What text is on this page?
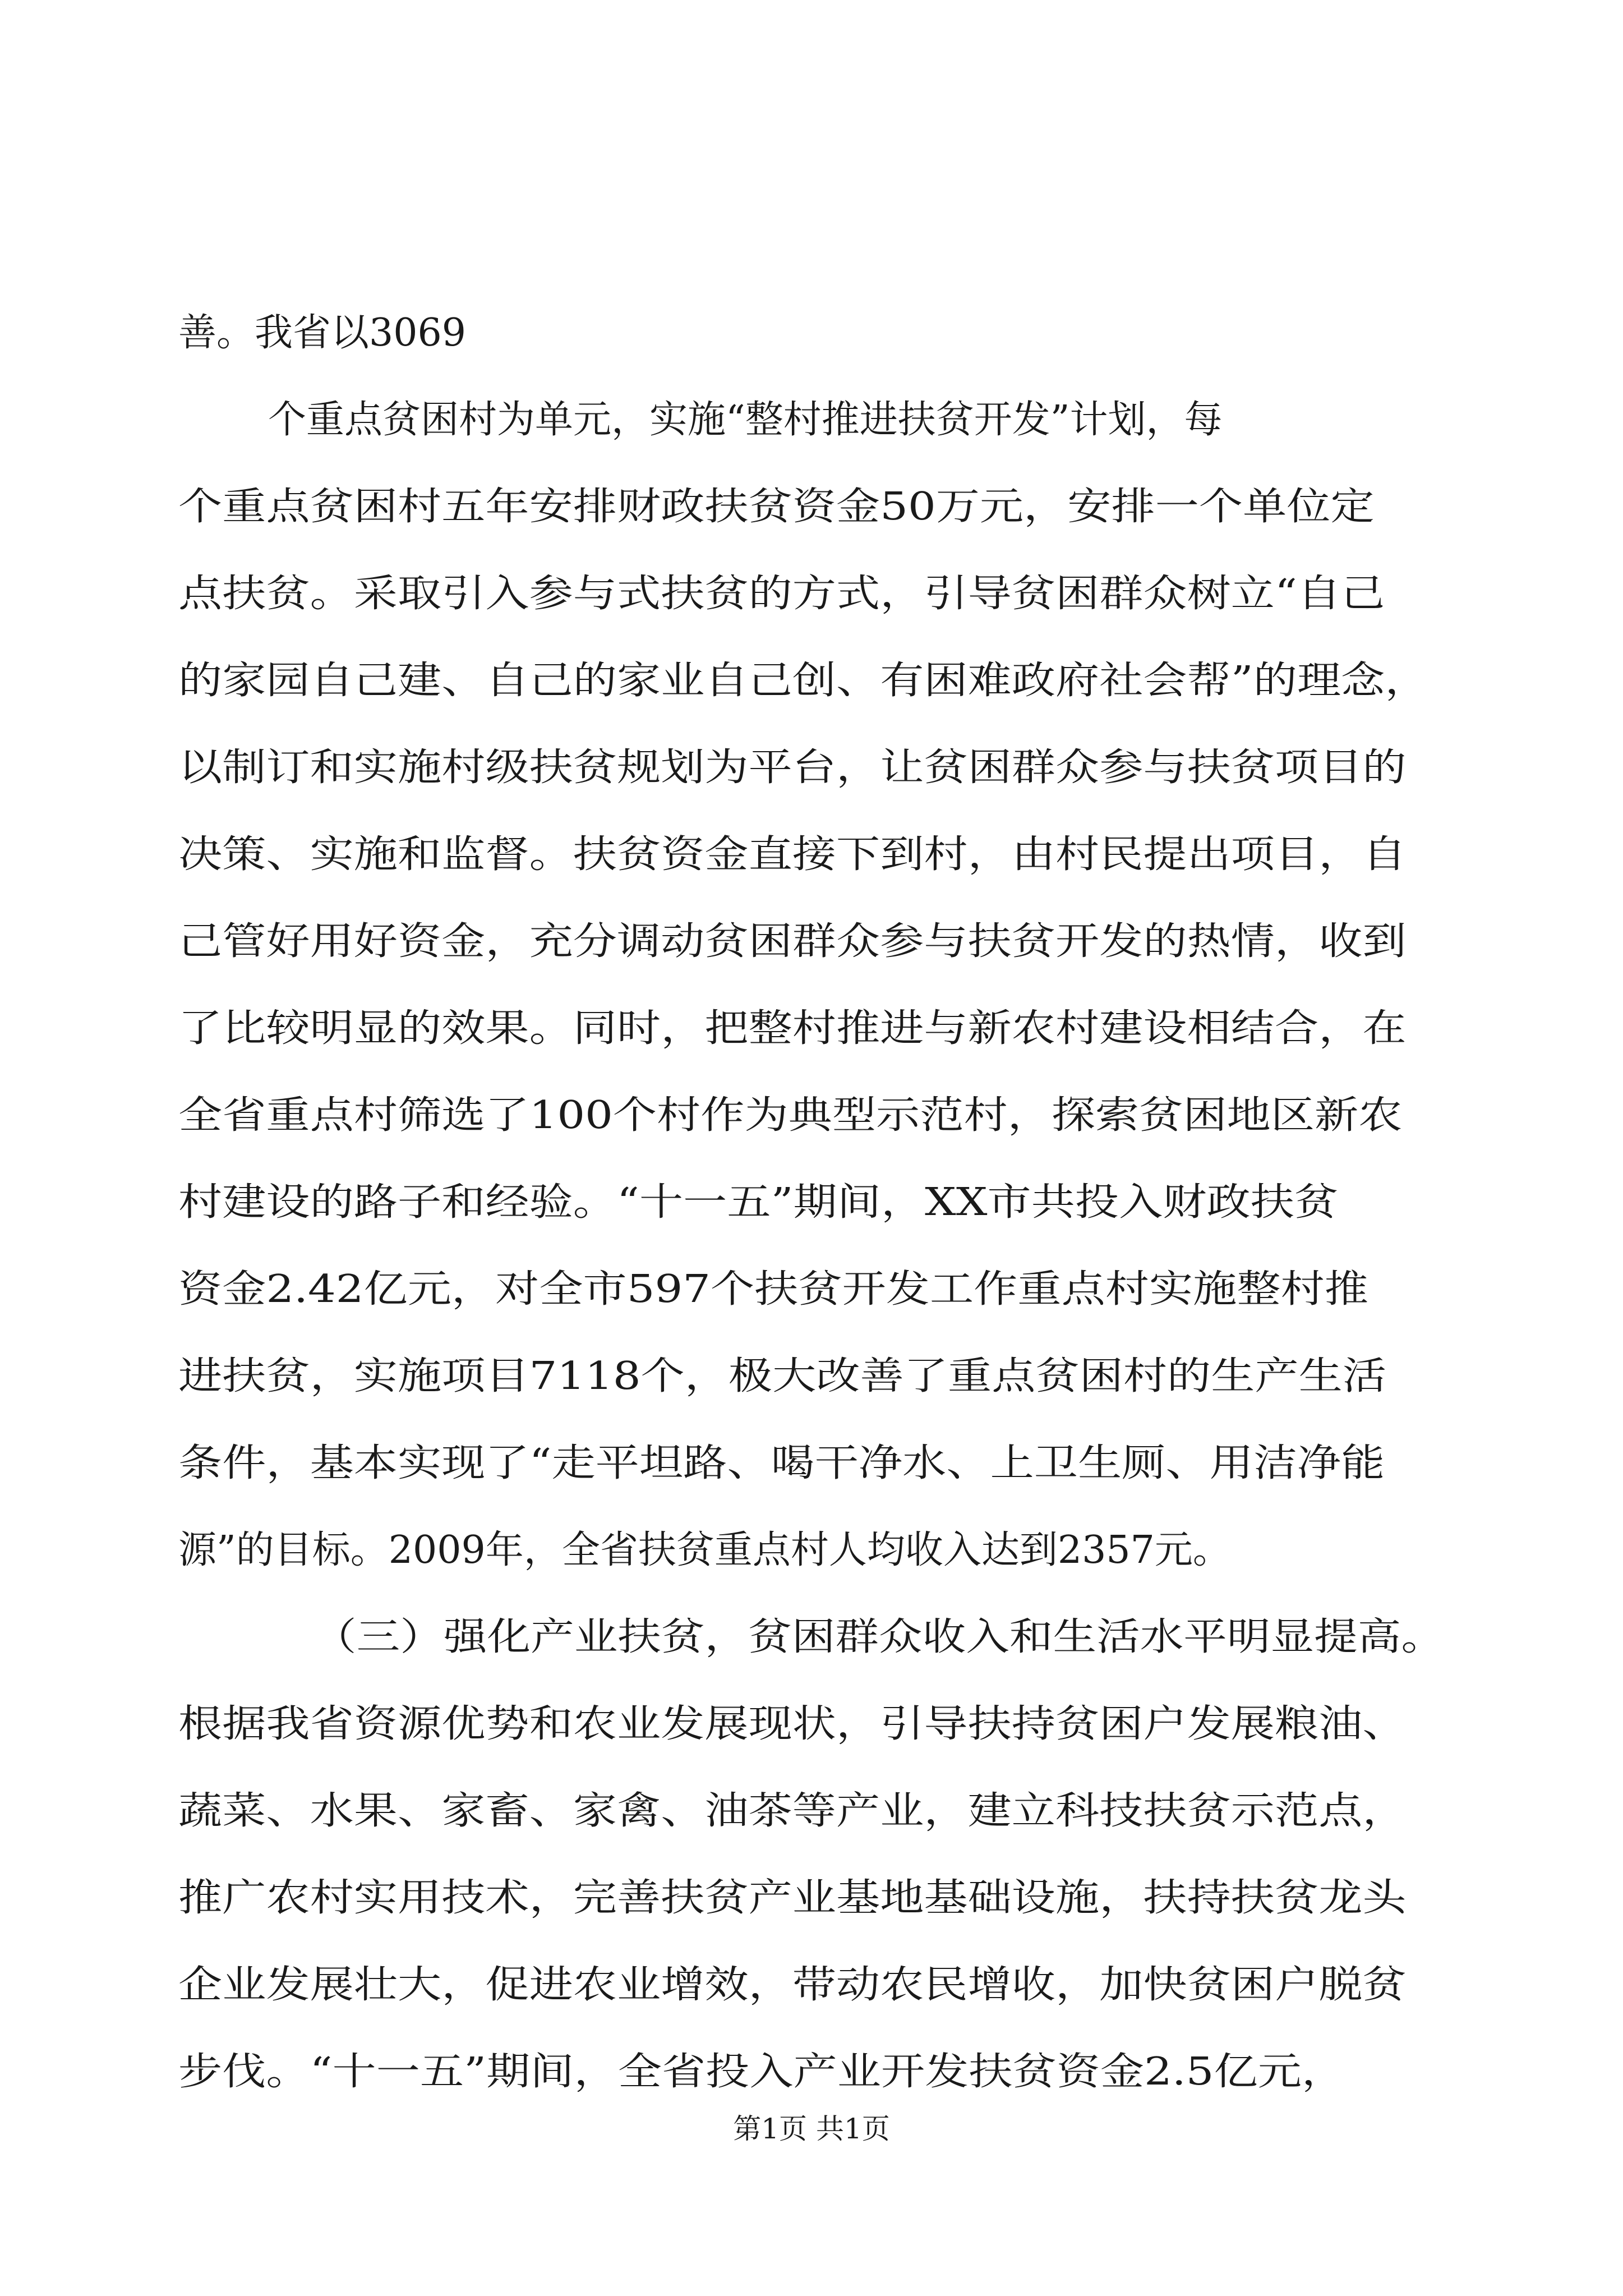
善。我省以3069
个重点贫困村为单元，实施“整村推进扶贫开发”计划，每
个重点贫困村五年安排财政扶贫资金50万元，安排一个单位定
点扶贫。采取引入参与式扶贫的方式，引导贫困群众树立“自己
的家园自己建、自己的家业自己创、有困难政府社会帮”的理念，
以制订和实施村级扶贫规划为平台，让贫困群众参与扶贫项目的
决策、实施和监督。扶贫资金直接下到村，由村民提出项目，自
己管好用好资金，充分调动贫困群众参与扶贫开发的热情，收到
了比较明显的效果。同时，把整村推进与新农村建设相结合，在
全省重点村筛选了100个村作为典型示范村，探索贫困地区新农
村建设的路子和经验。“十一五”期间，XX市共投入财政扶贫
资金2.42亿元，对全市597个扶贫开发工作重点村实施整村推
进扶贫，实施项目7118个，极大改善了重点贫困村的生产生活
条件，基本实现了“走平坦路、喝干净水、上卫生厕、用洁净能
源”的目标。2009年，全省扶贫重点村人均收入达到2357元。
（三）强化产业扶贫，贫困群众收入和生活水平明显提高。
根据我省资源优势和农业发展现状，引导扶持贫困户发展粮油、
蔬菜、水果、家畜、家禽、油茶等产业，建立科技扶贫示范点，
推广农村实用技术，完善扶贫产业基地基础设施，扶持扶贫龙头
企业发展壮大，促进农业增效，带动农民增收，加快贫困户脱贫
步伐。“十一五”期间，全省投入产业开发扶贫资金2.5亿元，
第1页 共1页
